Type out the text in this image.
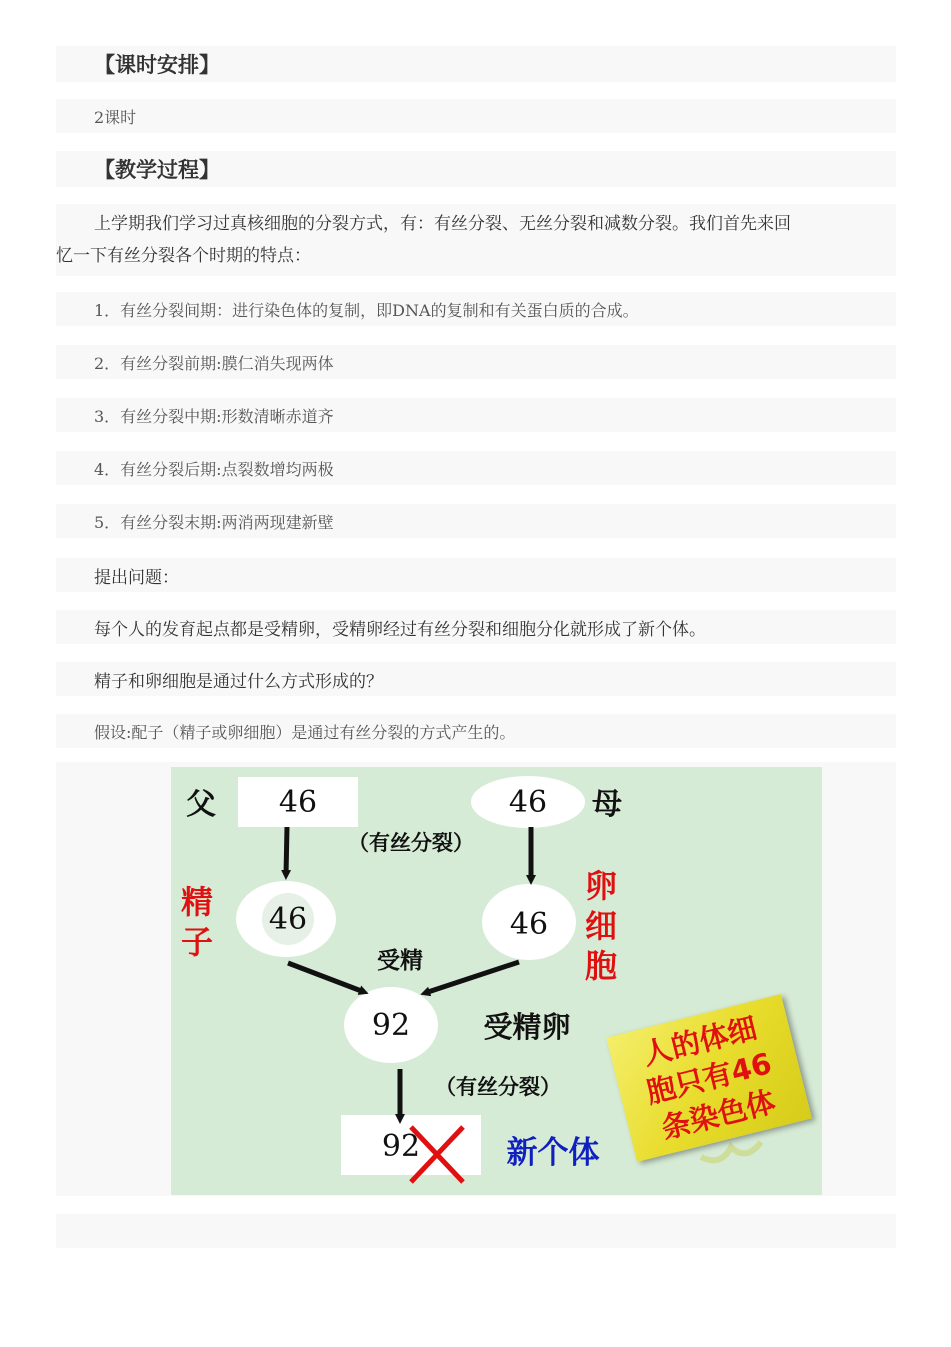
【课时安排】
2课时
【教学过程】
上学期我们学习过真核细胞的分裂方式，有：有丝分裂、无丝分裂和减数分裂。我们首先来回
忆一下有丝分裂各个时期的特点：
1．有丝分裂间期：进行染色体的复制，即DNA的复制和有关蛋白质的合成。
2．有丝分裂前期:膜仁消失现两体
3．有丝分裂中期:形数清晰赤道齐
4．有丝分裂后期:点裂数增均两极
5．有丝分裂末期:两消两现建新壁
提出问题：
每个人的发育起点都是受精卵，受精卵经过有丝分裂和细胞分化就形成了新个体。
精子和卵细胞是通过什么方式形成的？
假设:配子（精子或卵细胞）是通过有丝分裂的方式产生的。
父	46	46	母
（有丝分裂）
精子
46	46
卵细胞
受精
92	受精卵
（有丝分裂）
92	新个体
人的体细
胞只有46
条染色体
